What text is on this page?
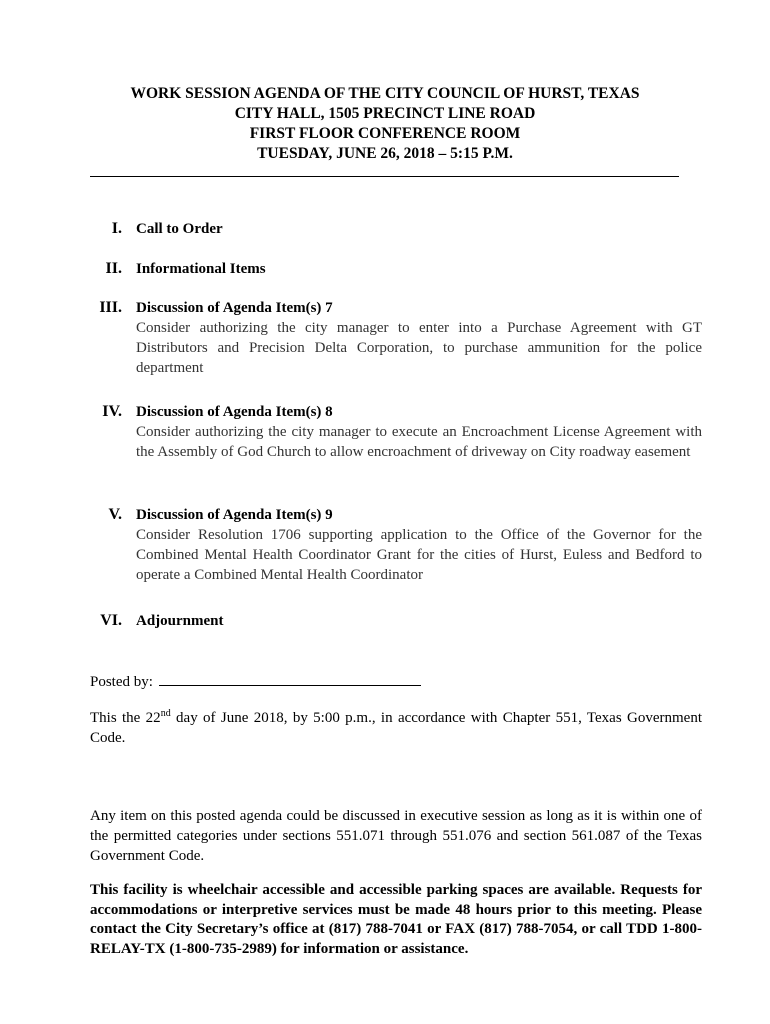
WORK SESSION AGENDA OF THE CITY COUNCIL OF HURST, TEXAS
CITY HALL, 1505 PRECINCT LINE ROAD
FIRST FLOOR CONFERENCE ROOM
TUESDAY, JUNE 26, 2018 – 5:15 P.M.
I. Call to Order
II. Informational Items
III. Discussion of Agenda Item(s) 7
Consider authorizing the city manager to enter into a Purchase Agreement with GT Distributors and Precision Delta Corporation, to purchase ammunition for the police department
IV. Discussion of Agenda Item(s) 8
Consider authorizing the city manager to execute an Encroachment License Agreement with the Assembly of God Church to allow encroachment of driveway on City roadway easement
V. Discussion of Agenda Item(s) 9
Consider Resolution 1706 supporting application to the Office of the Governor for the Combined Mental Health Coordinator Grant for the cities of Hurst, Euless and Bedford to operate a Combined Mental Health Coordinator
VI. Adjournment
Posted by:
This the 22nd day of June 2018, by 5:00 p.m., in accordance with Chapter 551, Texas Government Code.
Any item on this posted agenda could be discussed in executive session as long as it is within one of the permitted categories under sections 551.071 through 551.076 and section 561.087 of the Texas Government Code.
This facility is wheelchair accessible and accessible parking spaces are available. Requests for accommodations or interpretive services must be made 48 hours prior to this meeting. Please contact the City Secretary’s office at (817) 788-7041 or FAX (817) 788-7054, or call TDD 1-800-RELAY-TX (1-800-735-2989) for information or assistance.
